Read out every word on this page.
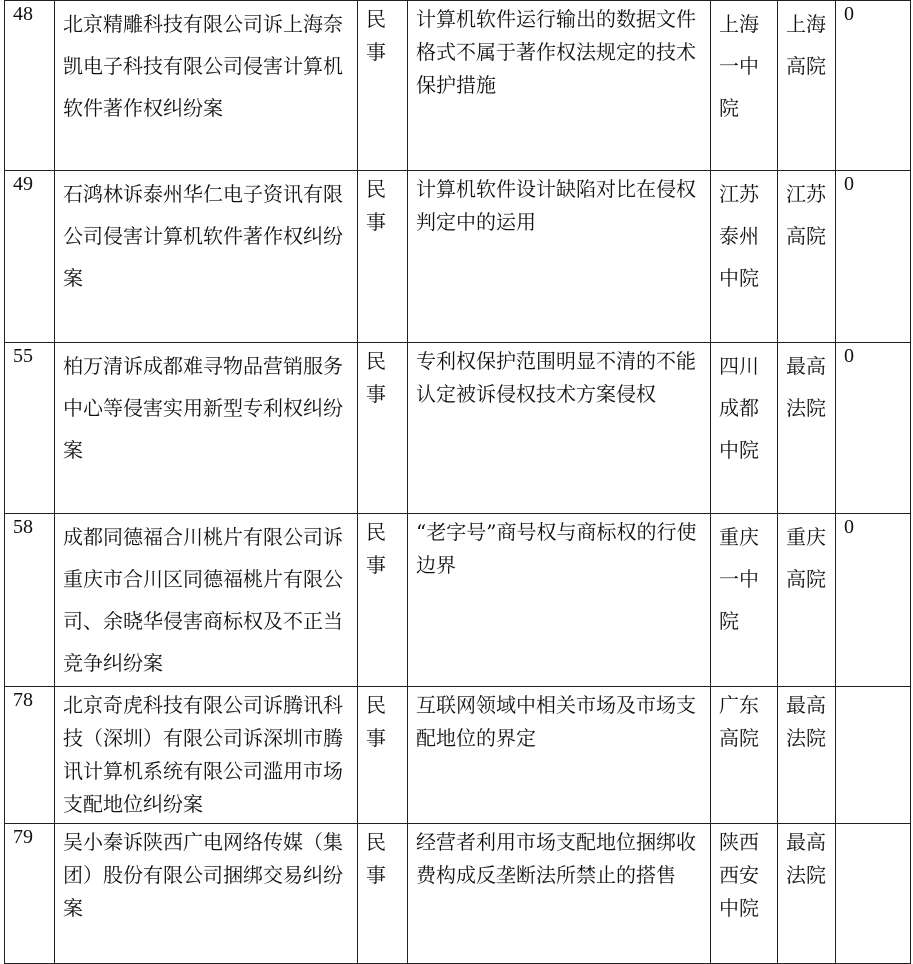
48	北京精雕科技有限公司诉上海奈凯电子科技有限公司侵害计算机软件著作权纠纷案	民事	计算机软件运行输出的数据文件格式不属于著作权法规定的技术保护措施	上海一中院	上海高院	0
49	石鸿林诉泰州华仁电子资讯有限公司侵害计算机软件著作权纠纷案	民事	计算机软件设计缺陷对比在侵权判定中的运用	江苏泰州中院	江苏高院	0
55	柏万清诉成都难寻物品营销服务中心等侵害实用新型专利权纠纷案	民事	专利权保护范围明显不清的不能认定被诉侵权技术方案侵权	四川成都中院	最高法院	0
58	成都同德福合川桃片有限公司诉重庆市合川区同德福桃片有限公司、余晓华侵害商标权及不正当竞争纠纷案	民事	“老字号”商号权与商标权的行使边界	重庆一中院	重庆高院	0
78	北京奇虎科技有限公司诉腾讯科技（深圳）有限公司诉深圳市腾讯计算机系统有限公司滥用市场支配地位纠纷案	民事	互联网领域中相关市场及市场支配地位的界定	广东高院	最高法院	
79	吴小秦诉陕西广电网络传媒（集团）股份有限公司捆绑交易纠纷案	民事	经营者利用市场支配地位捆绑收费构成反垄断法所禁止的搭售	陕西西安中院	最高法院	
